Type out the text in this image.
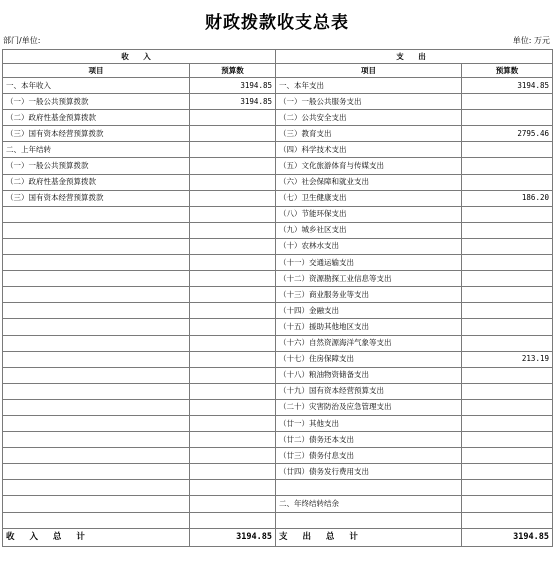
财政拨款收支总表
部门/单位:	单位: 万元
收 入		支 出	
项目	预算数	项目	预算数
一、本年收入	3194.85	一、本年支出	3194.85
（一）一般公共预算拨款	3194.85	（一）一般公共服务支出	
（二）政府性基金预算拨款		（二）公共安全支出	
（三）国有资本经营预算拨款		（三）教育支出	2795.46
二、上年结转		（四）科学技术支出	
（一）一般公共预算拨款		（五）文化旅游体育与传媒支出	
（二）政府性基金预算拨款		（六）社会保障和就业支出	
（三）国有资本经营预算拨款		（七）卫生健康支出	186.20
		（八）节能环保支出	
		（九）城乡社区支出	
		（十）农林水支出	
		（十一）交通运输支出	
		（十二）资源勘探工业信息等支出	
		（十三）商业服务业等支出	
		（十四）金融支出	
		（十五）援助其他地区支出	
		（十六）自然资源海洋气象等支出	
		（十七）住房保障支出	213.19
		（十八）粮油物资储备支出	
		（十九）国有资本经营预算支出	
		（二十）灾害防治及应急管理支出	
		（廿一）其他支出	
		（廿二）债务还本支出	
		（廿三）债务付息支出	
		（廿四）债务发行费用支出	

		二、年终结转结余	

收 入 总 计	3194.85	支 出 总 计	3194.85
